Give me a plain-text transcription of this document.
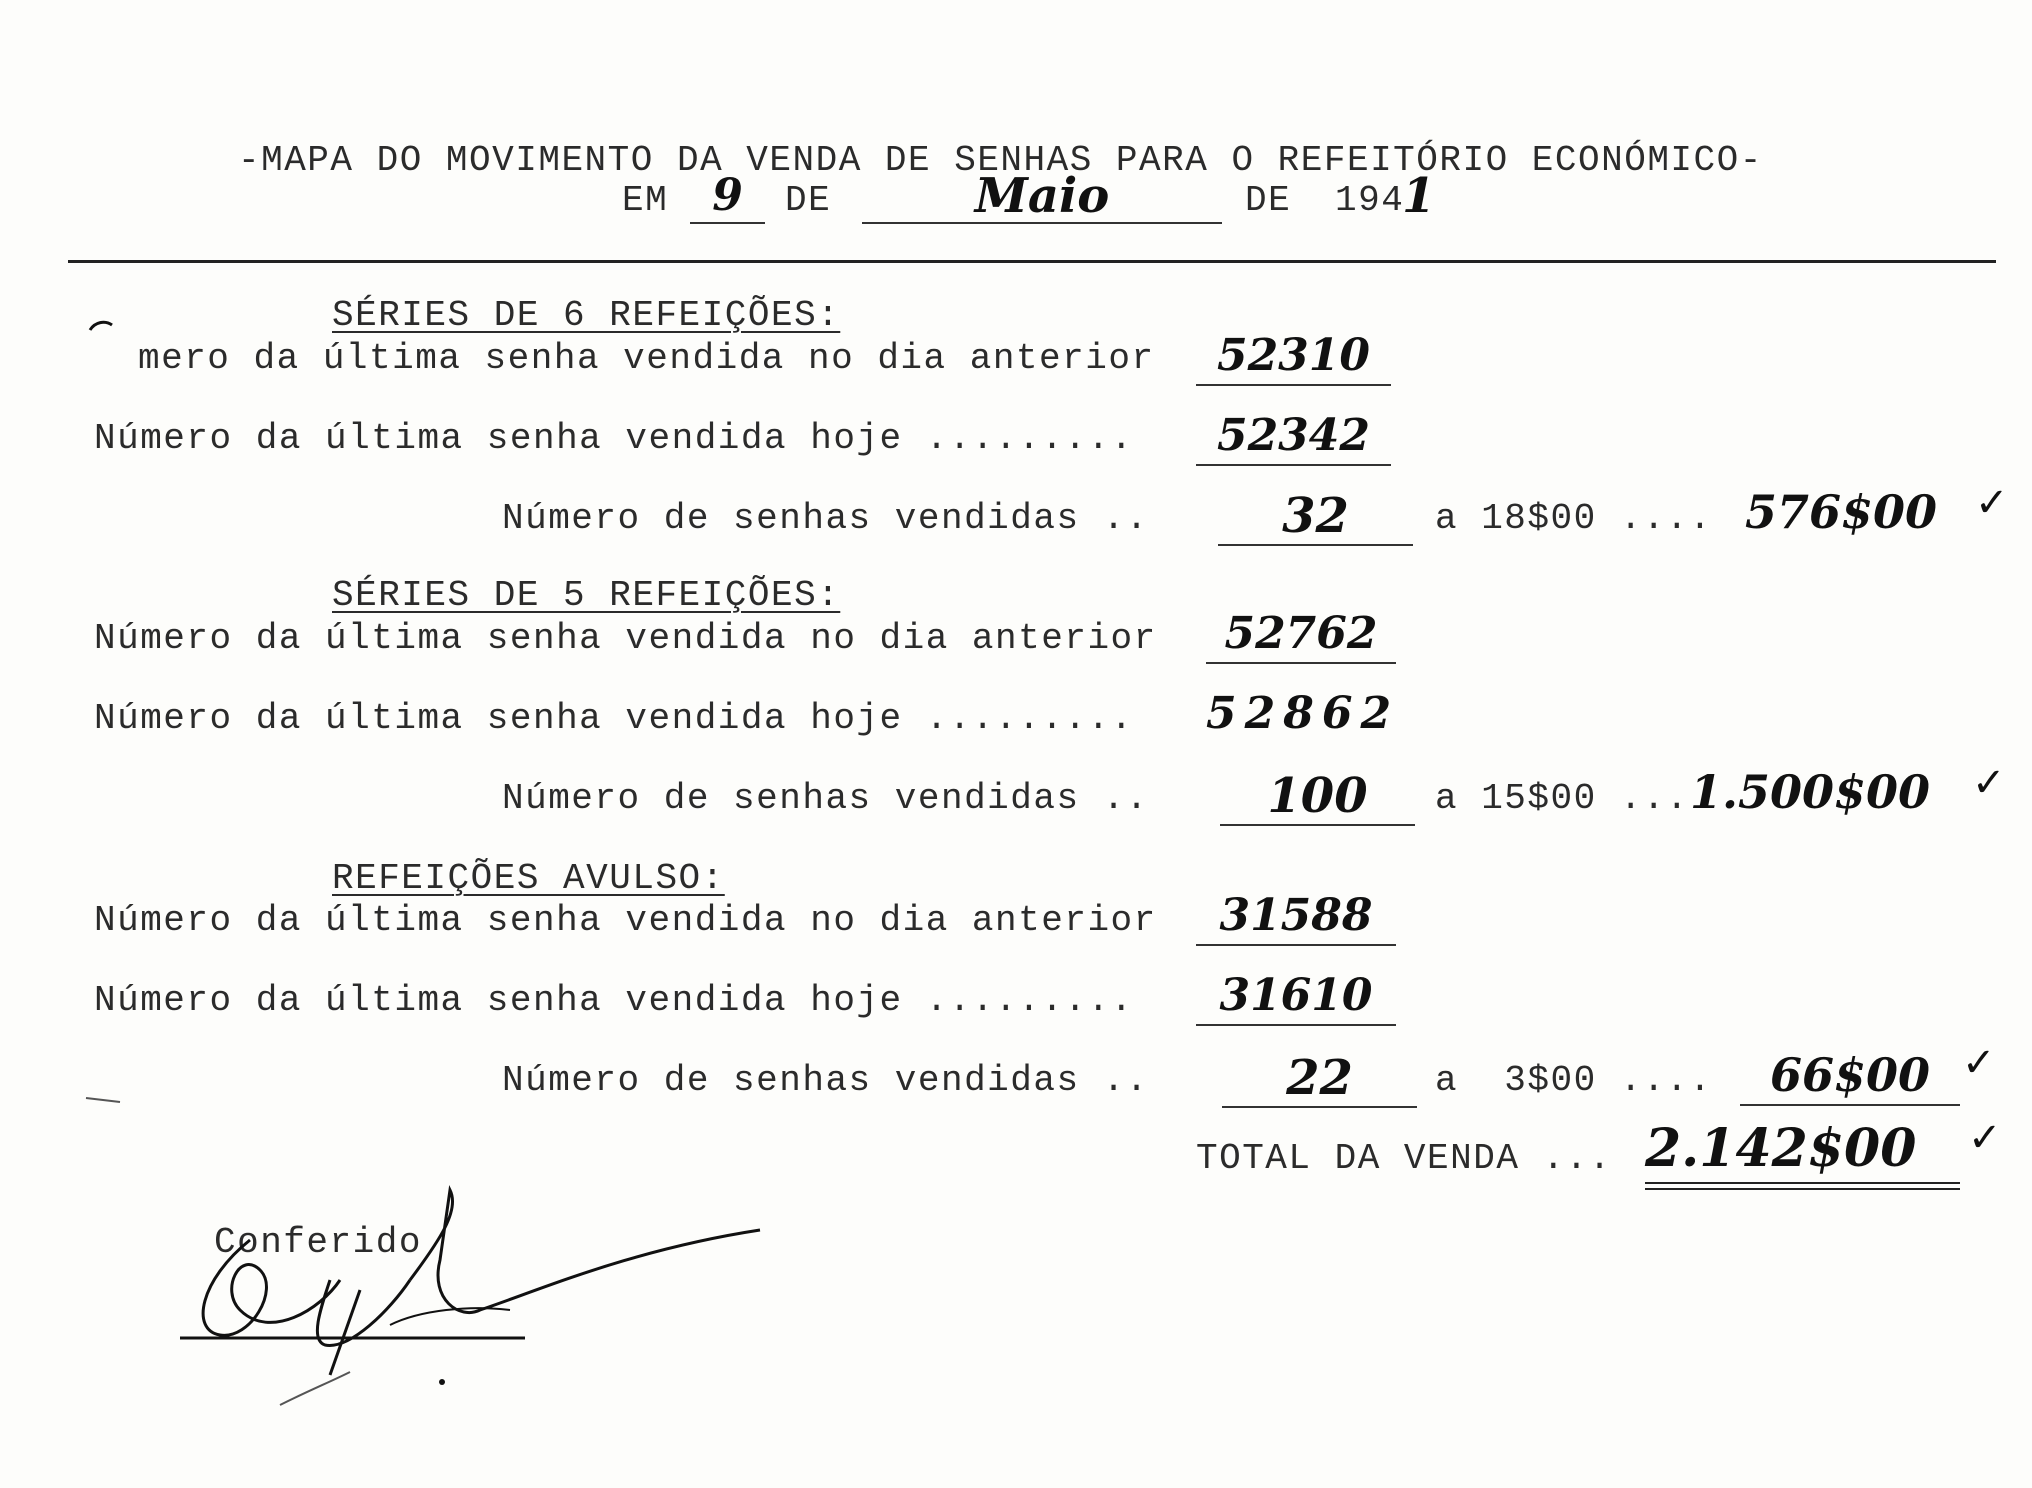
-MAPA DO MOVIMENTO DA VENDA DE SENHAS PARA O REFEITÓRIO ECONÓMICO-
EM 9	DE	Maio	DE 194
1
SÉRIES DE 6 REFEIÇÕES:
mero da última senha vendida no dia anterior	52310
Número da última senha vendida hoje .........	52342
Número de senhas vendidas ..	32	a 18$00 .... 576$00 ✓
SÉRIES DE 5 REFEIÇÕES:
Número da última senha vendida no dia anterior	52762
Número da última senha vendida hoje ......... 52862
Número de senhas vendidas ..	100	a 15$00 ... 1.500$00 ✓
REFEIÇÕES AVULSO:
Número da última senha vendida no dia anterior	31588
Número da última senha vendida hoje .........	31610
Número de senhas vendidas ..	22	a  3$00 ....	66$00 ✓
TOTAL DA VENDA ... 2.142$00 ✓
Conferido
